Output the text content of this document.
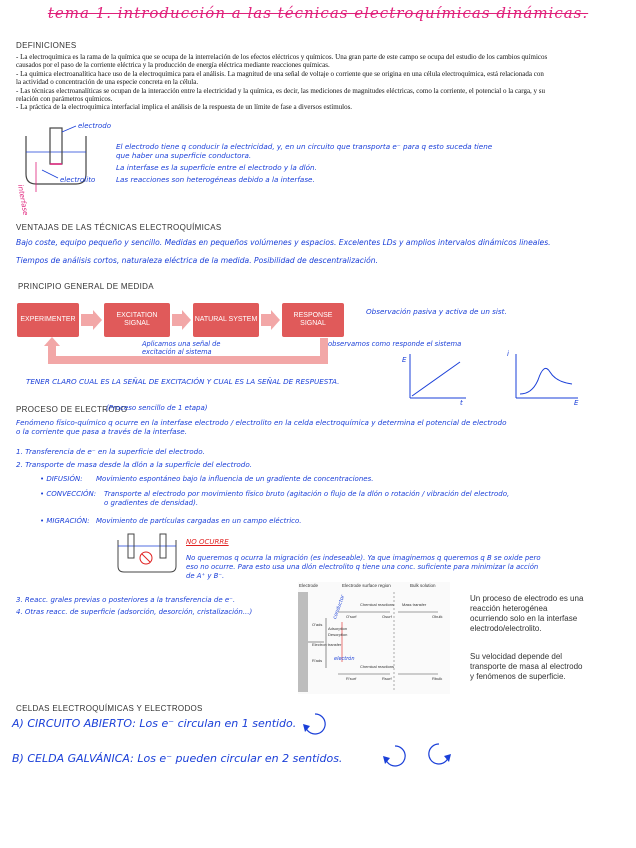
tema 1. introducción a las técnicas electroquímicas dinámicas.
DEFINICIONES
- La electroquímica es la rama de la química que se ocupa de la interrelación de los efectos eléctricos y químicos. Una gran parte de este campo se ocupa del estudio de los cambios químicos
causados por el paso de la corriente eléctrica y la producción de energía eléctrica mediante reacciones químicas.
- La química electroanalítica hace uso de la electroquímica para el análisis. La magnitud de una señal de voltaje o corriente que se origina en una célula electroquímica, está relacionada con
la actividad o concentración de una especie concreta en la célula.
- Las técnicas electroanalíticas se ocupan de la interacción entre la electricidad y la química, es decir, las mediciones de magnitudes eléctricas, como la corriente, el potencial o la carga, y su
relación con parámetros químicos.
- La práctica de la electroquímica interfacial implica el análisis de la respuesta de un límite de fase a diversos estímulos.
electrodo
electrolito
interfase
El electrodo tiene q conducir la electricidad, y, en un circuito que transporta e⁻ para q esto suceda tiene
que haber una superficie conductora.
La interfase es la superficie entre el electrodo y la dlón.
Las reacciones son heterogéneas debido a la interfase.
VENTAJAS DE LAS TÉCNICAS ELECTROQUÍMICAS
Bajo coste, equipo pequeño y sencillo. Medidas en pequeños volúmenes y espacios. Excelentes LDs y amplios intervalos dinámicos lineales.
Tiempos de análisis cortos, naturaleza eléctrica de la medida. Posibilidad de descentralización.
PRINCIPIO GENERAL DE MEDIDA
EXPERIMENTER
EXCITATION SIGNAL
NATURAL SYSTEM
RESPONSE SIGNAL
Observación pasiva y activa de un sist.
observamos como responde el sistema
Aplicamos una señal de
excitación al sistema
TENER CLARO CUAL ES LA SEÑAL DE EXCITACIÓN Y CUAL ES LA SEÑAL DE RESPUESTA.
E
t
i
E
PROCESO DE ELECTRODO
(Proceso sencillo de 1 etapa)
Fenómeno físico-químico q ocurre en la interfase electrodo / electrolito en la celda electroquímica y determina el potencial de electrodo
o la corriente que pasa a través de la interfase.
1. Transferencia de e⁻ en la superficie del electrodo.
2. Transporte de masa desde la dlón a la superficie del electrodo.
• DIFUSIÓN: Movimiento espontáneo bajo la influencia de un gradiente de concentraciones.
• CONVECCIÓN: Transporte al electrodo por movimiento físico bruto (agitación o flujo de la dlón o rotación / vibración del electrodo,
o gradientes de densidad).
• MIGRACIÓN: Movimiento de partículas cargadas en un campo eléctrico.
NO OCURRE
No queremos q ocurra la migración (es indeseable). Ya que imaginemos q queremos q B se oxide pero
eso no ocurre. Para esto usa una dlón electrolito q tiene una conc. suficiente para minimizar la acción
de A⁺ y B⁻.
3. Reacc. grales previas o posteriores a la transferencia de e⁻.
4. Otras reacc. de superficie (adsorción, desorción, cristalización...)
Electrode	Electrode surface region	Bulk solution
Chemical reactions Mass transfer
O'surf	Osurf	Obulk
Adsorption
Desorption
O'ads
R'ads
Electron transfer
Chemical reactions
R'surf	Rsurf	Rbulk
conductor
electrón
Un proceso de electrodo es una
reacción heterogénea
ocurriendo solo en la interfase
electrodo/electrolito.
Su velocidad depende del
transporte de masa al electrodo
y fenómenos de superficie.
CELDAS ELECTROQUÍMICAS Y ELECTRODOS
A) CIRCUITO ABIERTO: Los e⁻ circulan en 1 sentido.
B) CELDA GALVÁNICA: Los e⁻ pueden circular en 2 sentidos.
